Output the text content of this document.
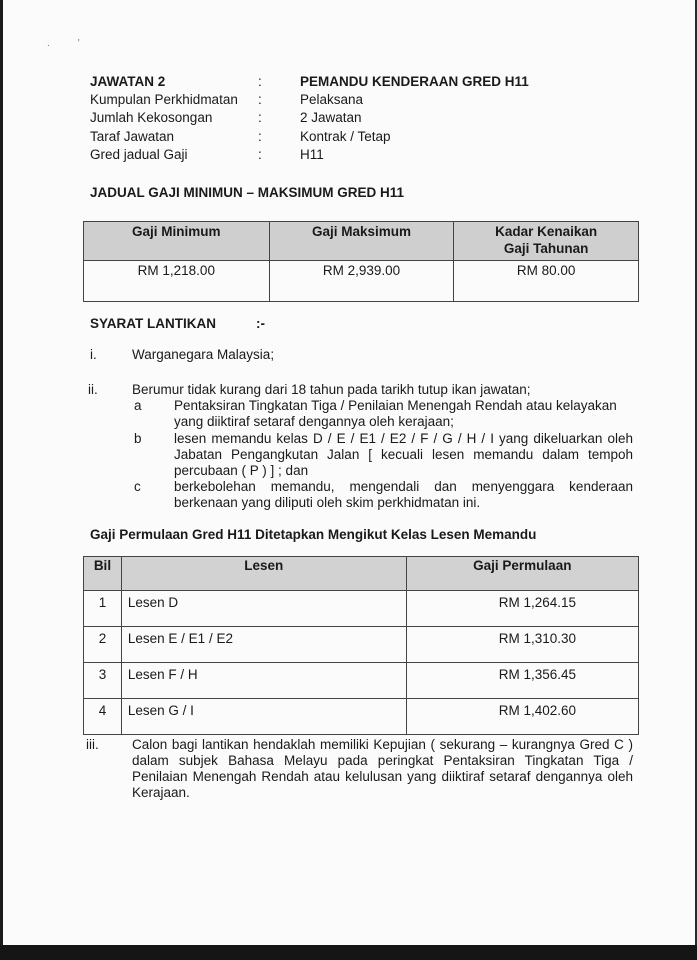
.'
JAWATAN 2	:	PEMANDU KENDERAAN GRED H11
Kumpulan Perkhidmatan :	Pelaksana
Jumlah Kekosongan	:	2 Jawatan
Taraf Jawatan	:	Kontrak / Tetap
Gred jadual Gaji	:	H11
JADUAL GAJI MINIMUN – MAKSIMUM GRED H11
Gaji Minimum	Gaji Maksimum	Kadar Kenaikan
Gaji Tahunan
RM 1,218.00	RM 2,939.00	RM 80.00
SYARAT LANTIKAN	:-
i.	Warganegara Malaysia;
ii.	Berumur tidak kurang dari 18 tahun pada tarikh tutup ikan jawatan;
a Pentaksiran Tingkatan Tiga / Penilaian Menengah Rendah atau kelayakan
yang diiktiraf setaraf dengannya oleh kerajaan;
b lesen memandu kelas D / E / E1 / E2 / F / G / H / I yang dikeluarkan oleh Jabatan Pengangkutan Jalan [ kecuali lesen memandu dalam tempoh percubaan ( P ) ] ; dan
c berkebolehan memandu, mengendali dan menyenggara kenderaan berkenaan yang diliputi oleh skim perkhidmatan ini.
Gaji Permulaan Gred H11 Ditetapkan Mengikut Kelas Lesen Memandu
Bil	Lesen	Gaji Permulaan
1	Lesen D	RM 1,264.15
2	Lesen E / E1 / E2	RM 1,310.30
3	Lesen F / H	RM 1,356.45
4	Lesen G / I	RM 1,402.60
iii. Calon bagi lantikan hendaklah memiliki Kepujian ( sekurang – kurangnya Gred C ) dalam subjek Bahasa Melayu pada peringkat Pentaksiran Tingkatan Tiga / Penilaian Menengah Rendah atau kelulusan yang diiktiraf setaraf dengannya oleh Kerajaan.
